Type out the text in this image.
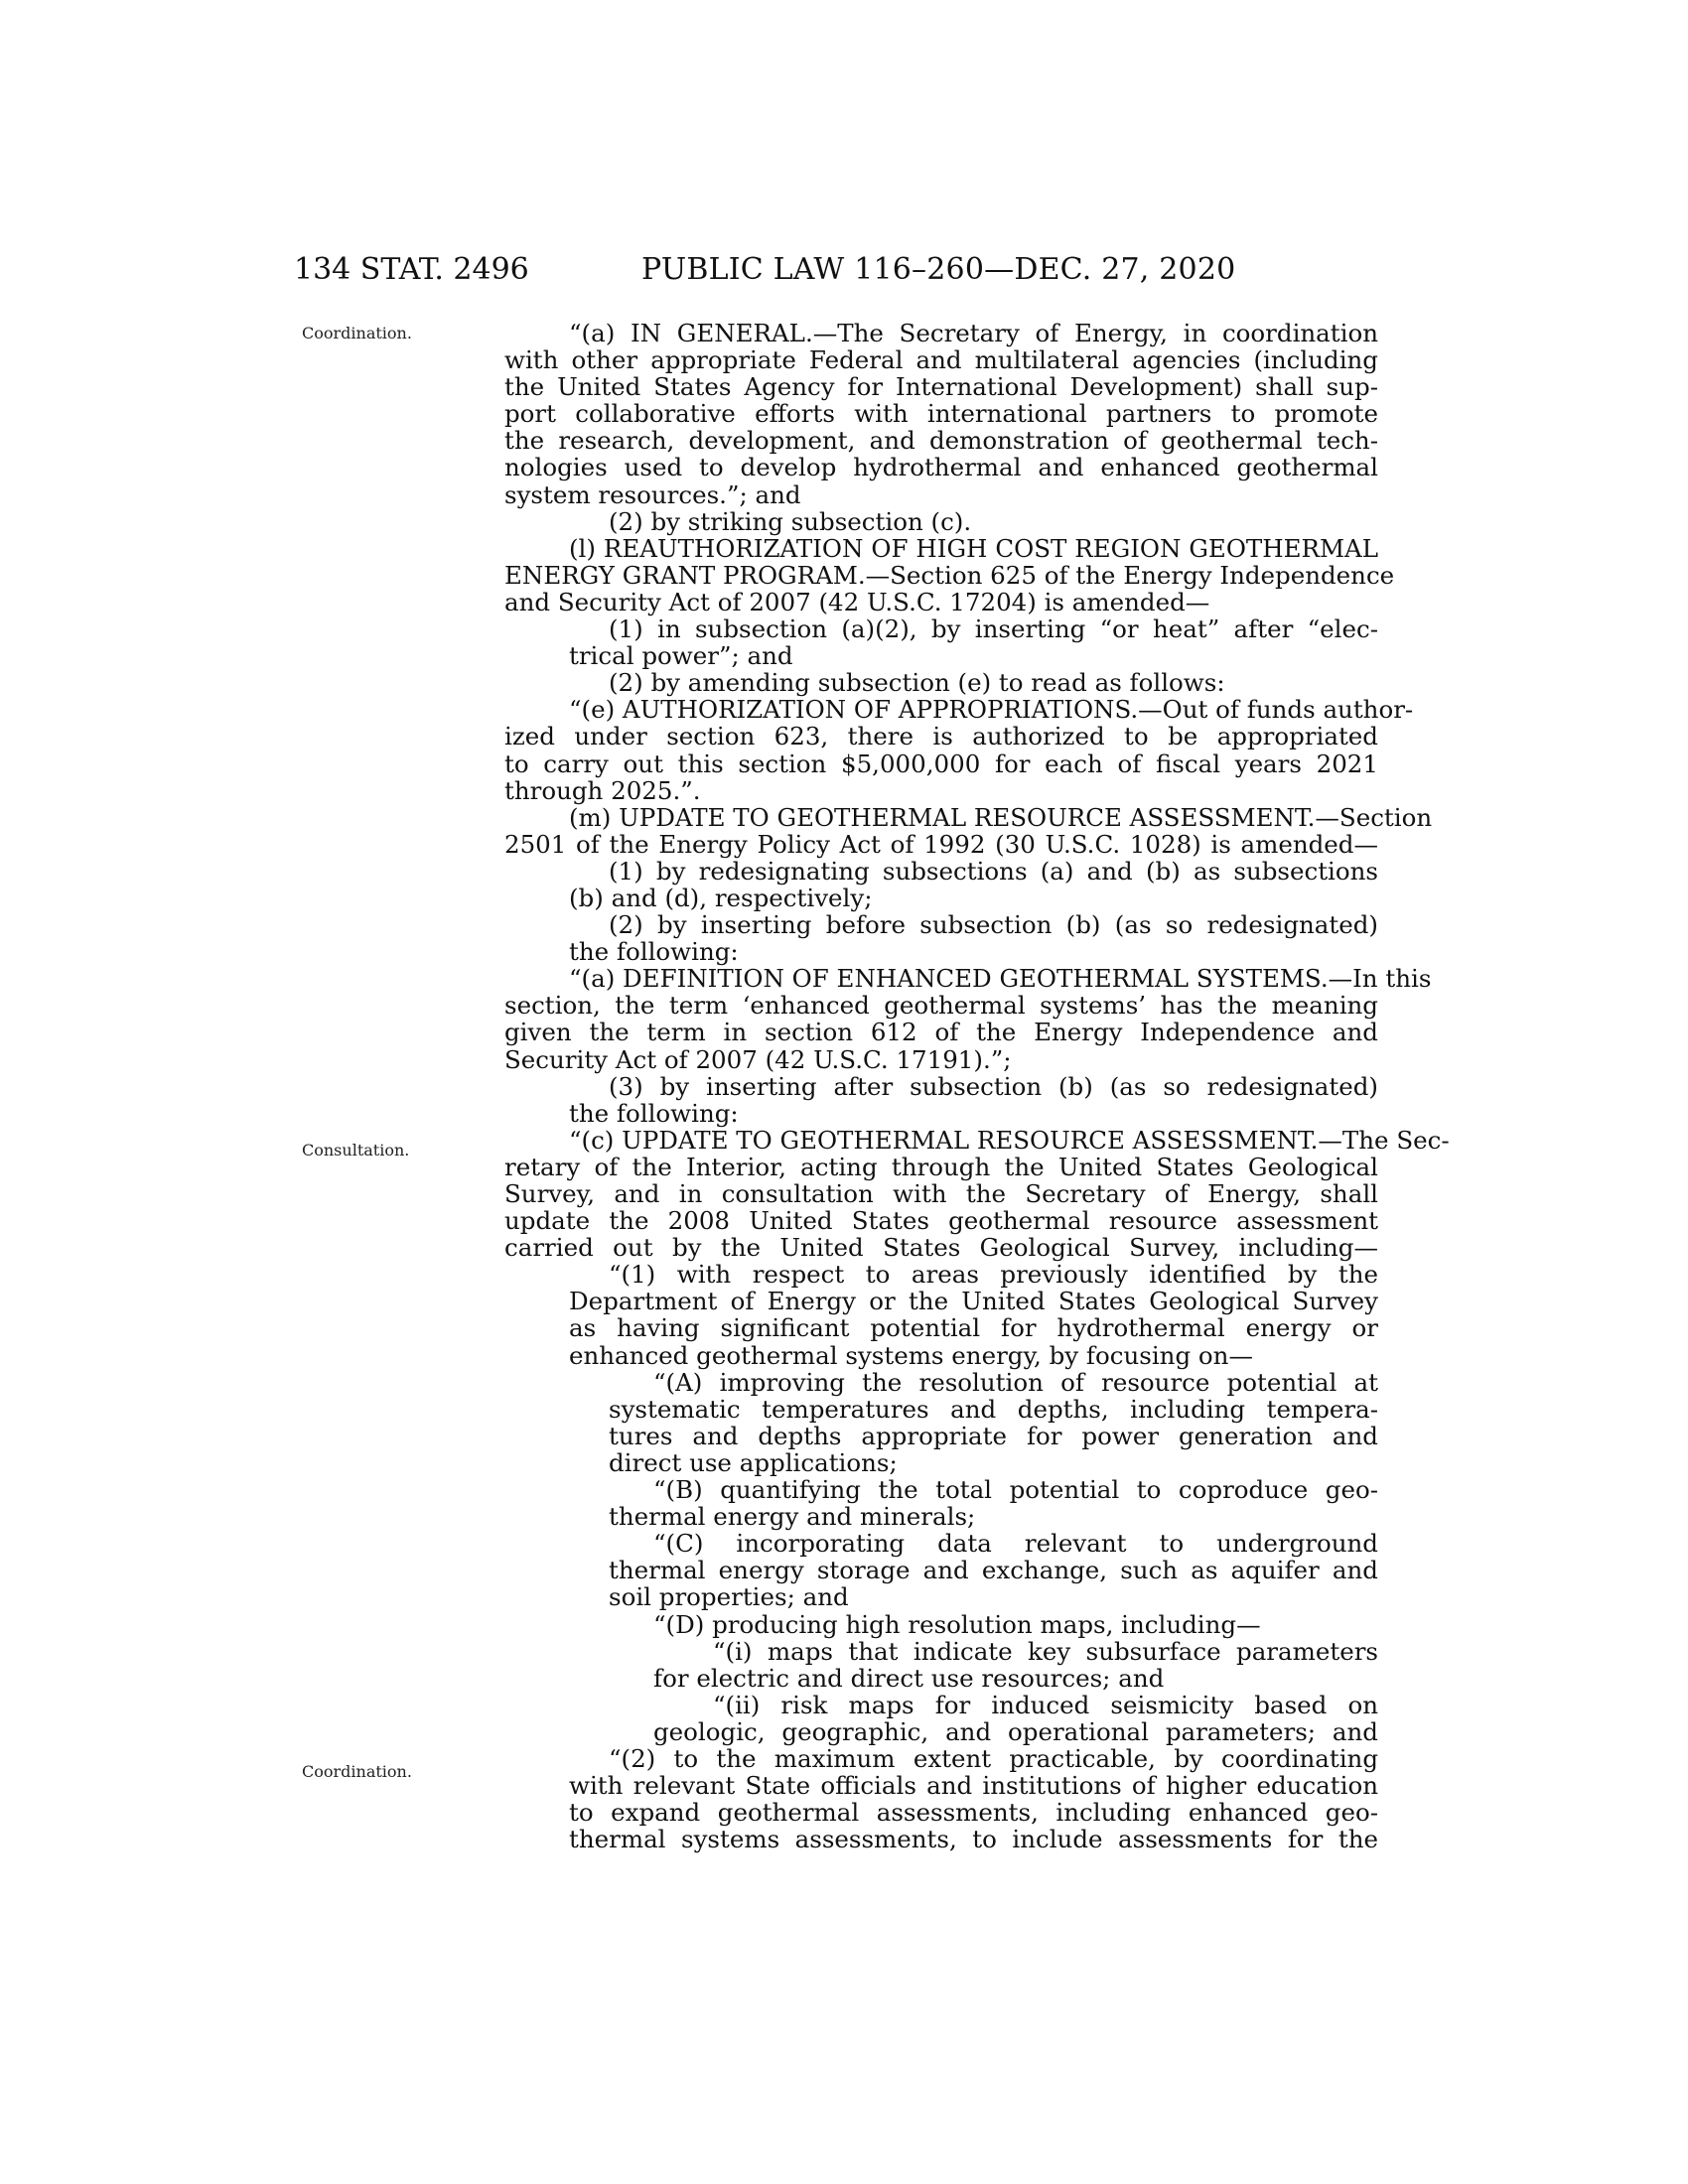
134 STAT. 2496	PUBLIC LAW 116–260—DEC. 27, 2020
Coordination.
Consultation.
Coordination.
“(a) IN GENERAL.—The Secretary of Energy, in coordination
with other appropriate Federal and multilateral agencies (including
the United States Agency for International Development) shall sup-
port collaborative efforts with international partners to promote
the research, development, and demonstration of geothermal tech-
nologies used to develop hydrothermal and enhanced geothermal
system resources.”; and
(2) by striking subsection (c).
(l) REAUTHORIZATION OF HIGH COST REGION GEOTHERMAL
ENERGY GRANT PROGRAM.—Section 625 of the Energy Independence
and Security Act of 2007 (42 U.S.C. 17204) is amended—
(1) in subsection (a)(2), by inserting “or heat” after “elec-
trical power”; and
(2) by amending subsection (e) to read as follows:
“(e) AUTHORIZATION OF APPROPRIATIONS.—Out of funds author-
ized under section 623, there is authorized to be appropriated
to carry out this section $5,000,000 for each of fiscal years 2021
through 2025.”.
(m) UPDATE TO GEOTHERMAL RESOURCE ASSESSMENT.—Section
2501 of the Energy Policy Act of 1992 (30 U.S.C. 1028) is amended—
(1) by redesignating subsections (a) and (b) as subsections
(b) and (d), respectively;
(2) by inserting before subsection (b) (as so redesignated)
the following:
“(a) DEFINITION OF ENHANCED GEOTHERMAL SYSTEMS.—In this
section, the term ‘enhanced geothermal systems’ has the meaning
given the term in section 612 of the Energy Independence and
Security Act of 2007 (42 U.S.C. 17191).”;
(3) by inserting after subsection (b) (as so redesignated)
the following:
“(c) UPDATE TO GEOTHERMAL RESOURCE ASSESSMENT.—The Sec-
retary of the Interior, acting through the United States Geological
Survey, and in consultation with the Secretary of Energy, shall
update the 2008 United States geothermal resource assessment
carried out by the United States Geological Survey, including—
“(1) with respect to areas previously identified by the
Department of Energy or the United States Geological Survey
as having significant potential for hydrothermal energy or
enhanced geothermal systems energy, by focusing on—
“(A) improving the resolution of resource potential at
systematic temperatures and depths, including tempera-
tures and depths appropriate for power generation and
direct use applications;
“(B) quantifying the total potential to coproduce geo-
thermal energy and minerals;
“(C) incorporating data relevant to underground
thermal energy storage and exchange, such as aquifer and
soil properties; and
“(D) producing high resolution maps, including—
“(i) maps that indicate key subsurface parameters
for electric and direct use resources; and
“(ii) risk maps for induced seismicity based on
geologic, geographic, and operational parameters; and
“(2) to the maximum extent practicable, by coordinating
with relevant State officials and institutions of higher education
to expand geothermal assessments, including enhanced geo-
thermal systems assessments, to include assessments for the
